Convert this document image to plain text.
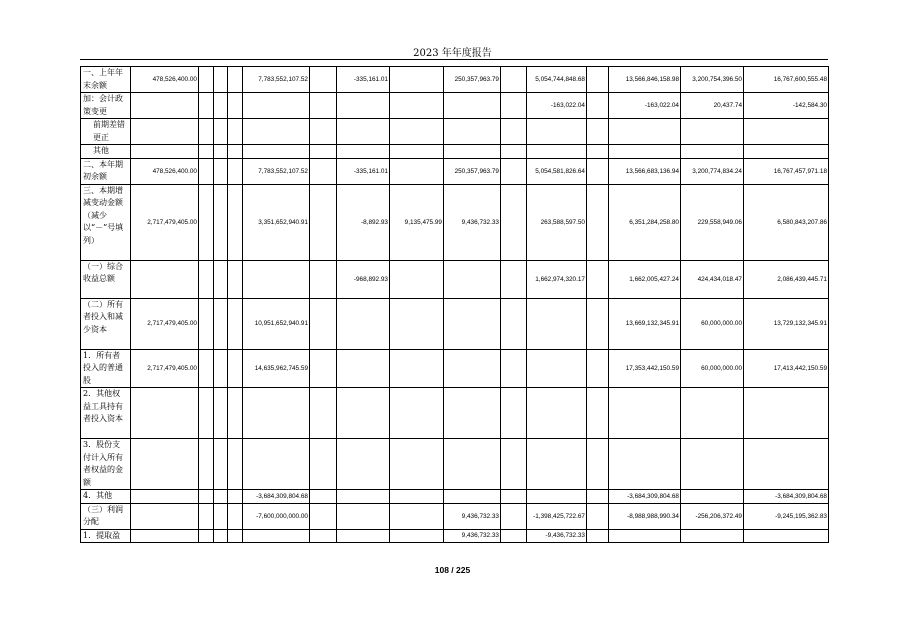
2023 年年度报告
一、上年年末余额	478,526,400.00				7,783,552,107.52		-335,161.01		250,357,963.79		5,054,744,848.68		13,566,846,158.98	3,200,754,396.50	16,767,600,555.48
加：会计政策变更											-163,022.04		-163,022.04	20,437.74	-142,584.30
前期差错更正															
其他															
二、本年期初余额	478,526,400.00				7,783,552,107.52		-335,161.01		250,357,963.79		5,054,581,826.64		13,566,683,136.94	3,200,774,834.24	16,767,457,971.18
三、本期增减变动金额（减少以“－”号填列）	2,717,479,405.00				3,351,652,940.91		-8,892.93	9,135,475.99	9,436,732.33		263,588,597.50		6,351,284,258.80	229,558,949.06	6,580,843,207.86
（一）综合收益总额							-968,892.93				1,662,974,320.17		1,662,005,427.24	424,434,018.47	2,086,439,445.71
（二）所有者投入和减少资本	2,717,479,405.00				10,951,652,940.91								13,669,132,345.91	60,000,000.00	13,729,132,345.91
1．所有者投入的普通股	2,717,479,405.00				14,635,962,745.59								17,353,442,150.59	60,000,000.00	17,413,442,150.59
2．其他权益工具持有者投入资本															
3．股份支付计入所有者权益的金额															
4．其他					-3,684,309,804.68								-3,684,309,804.68		-3,684,309,804.68
（三）利润分配					-7,600,000,000.00				9,436,732.33		-1,398,425,722.67		-8,988,988,990.34	-256,206,372.49	-9,245,195,362.83
1．提取盈									9,436,732.33		-9,436,732.33				
108 / 225
